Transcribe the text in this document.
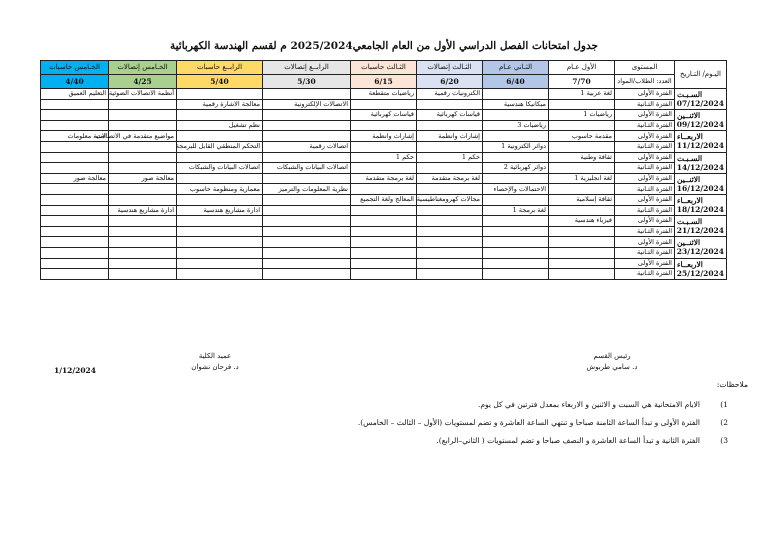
جدول امتحانات الفصل الدراسي الأول من العام الجامعي2025/2024 م لقسم الهندسة الكهربائية
اليـوم/ التـاريخ	المستوى	الأول عـام	الثـاني عـام	الثـالث إتصالات	الثـالث حاسبات	الرابــع إتصالات	الرابــع حاسبات	الخـامس إتصالات	الخـامس حاسبات
	العدد: الطلاب/المواد	7/70	6/40	6/20	6/15	5/30	5/40	4/25	4/40

السـبـت
07/12/2024	الفترة الأولى	لغة عربية 1		الكترونيات رقمية	رياضيات متقطعة			أنظمة الاتصالات الضوئية	التعليم العميق
	الفترة الثـانية		ميكانيكا هندسية			الاتصالات الإلكترونية	معالجة الاشارة رقمية		

الاثنــين
09/12/2024	الفترة الأولى	رياضيات 1		قياسات كهربائية	قياسات كهربائية				
	الفترة الثـانية		رياضيات 3				نظم تشغيل		

الاربعــاء
11/12/2024	الفترة الأولى	مقدمة حاسوب		إشارات وانظمة	إشارات وانظمة			مواضيع متقدمة في الاتصالات	امنية معلومات
	الفترة الثـانية		دوائر الكترونية 1			اتصالات رقمية	التحكم المنطقي القابل للبرمجة		

السـبـت
14/12/2024	الفترة الأولى	ثقافة وطنية		حكم 1	حكم 1				
	الفترة الثـانية		دوائر كهربائية 2			اتصالات البيانات والشبكات	اتصالات البيانات والشبكات		

الاثنــين
16/12/2024	الفترة الأولى	لغة انجليزية 1		لغة برمجة متقدمة	لغة برمجة متقدمة			معالجة صور	معالجة صور
	الفترة الثـانية		الاحتمالات والإحصاء			نظرية المعلومات والترميز	معمارية ومنظومة حاسوب		

الاربعــاء
18/12/2024	الفترة الأولى	ثقافة إسلامية		مجالات كهرومغناطيسية	المعالج ولغة التجميع				
	الفترة الثـانية		لغة برمجة 1				ادارة مشاريع هندسية	ادارة مشاريع هندسية	

السـبـت
21/12/2024	الفترة الأولى	فيزياء هندسية							
	الفترة الثـانية								

الاثنــين
23/12/2024	الفترة الأولى								
	الفترة الثـانية								

الاربعــاء
25/12/2024	الفترة الأولى								
	الفترة الثـانية								
رئيس القسم
د. سامي طربوش
عميد الكلية
د. فرحان نشوان
1/12/2024
ملاحظات:
1)
الايام الامتحانية هي السبت و الاثنين و الاربعاء بمعدل فترتين في كل يوم.
2)
الفترة الأولى و تبدأ الساعة الثامنة صباحا و تنتهي الساعة العاشرة و تضم لمستويات (الأول – الثالث – الخامس).
3)
الفترة الثانية و تبدأ الساعة العاشرة و النصف صباحا و تضم لمستويات ( الثاني–الرابع).
